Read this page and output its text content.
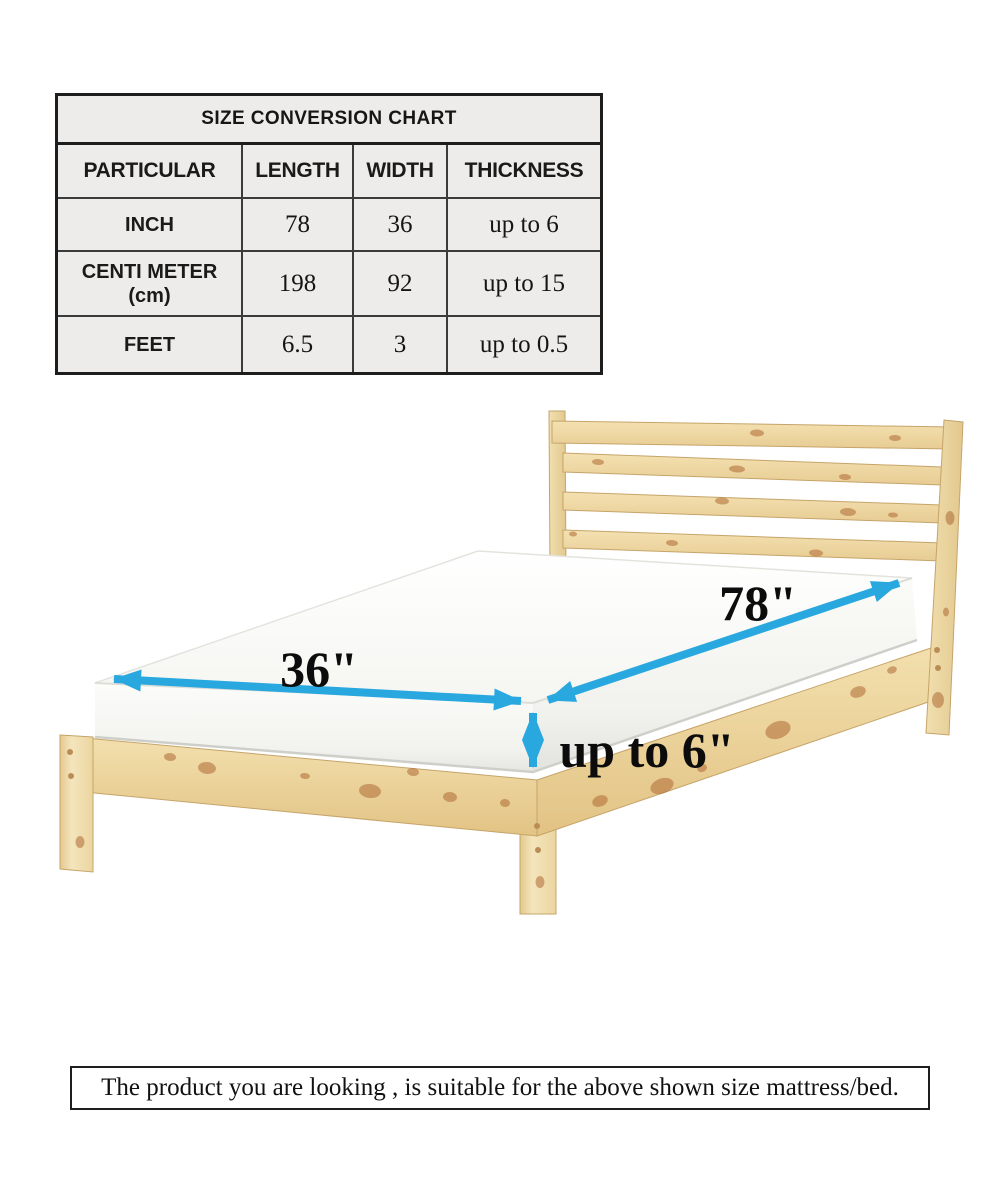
SIZE CONVERSION CHART
PARTICULAR	LENGTH	WIDTH	THICKNESS
INCH	78	36	up to 6
CENTI METER (cm)	198	92	up to 15
FEET	6.5	3	up to 0.5
36"
78"
up to 6"
The product you are looking , is suitable for the above shown size mattress/bed.
